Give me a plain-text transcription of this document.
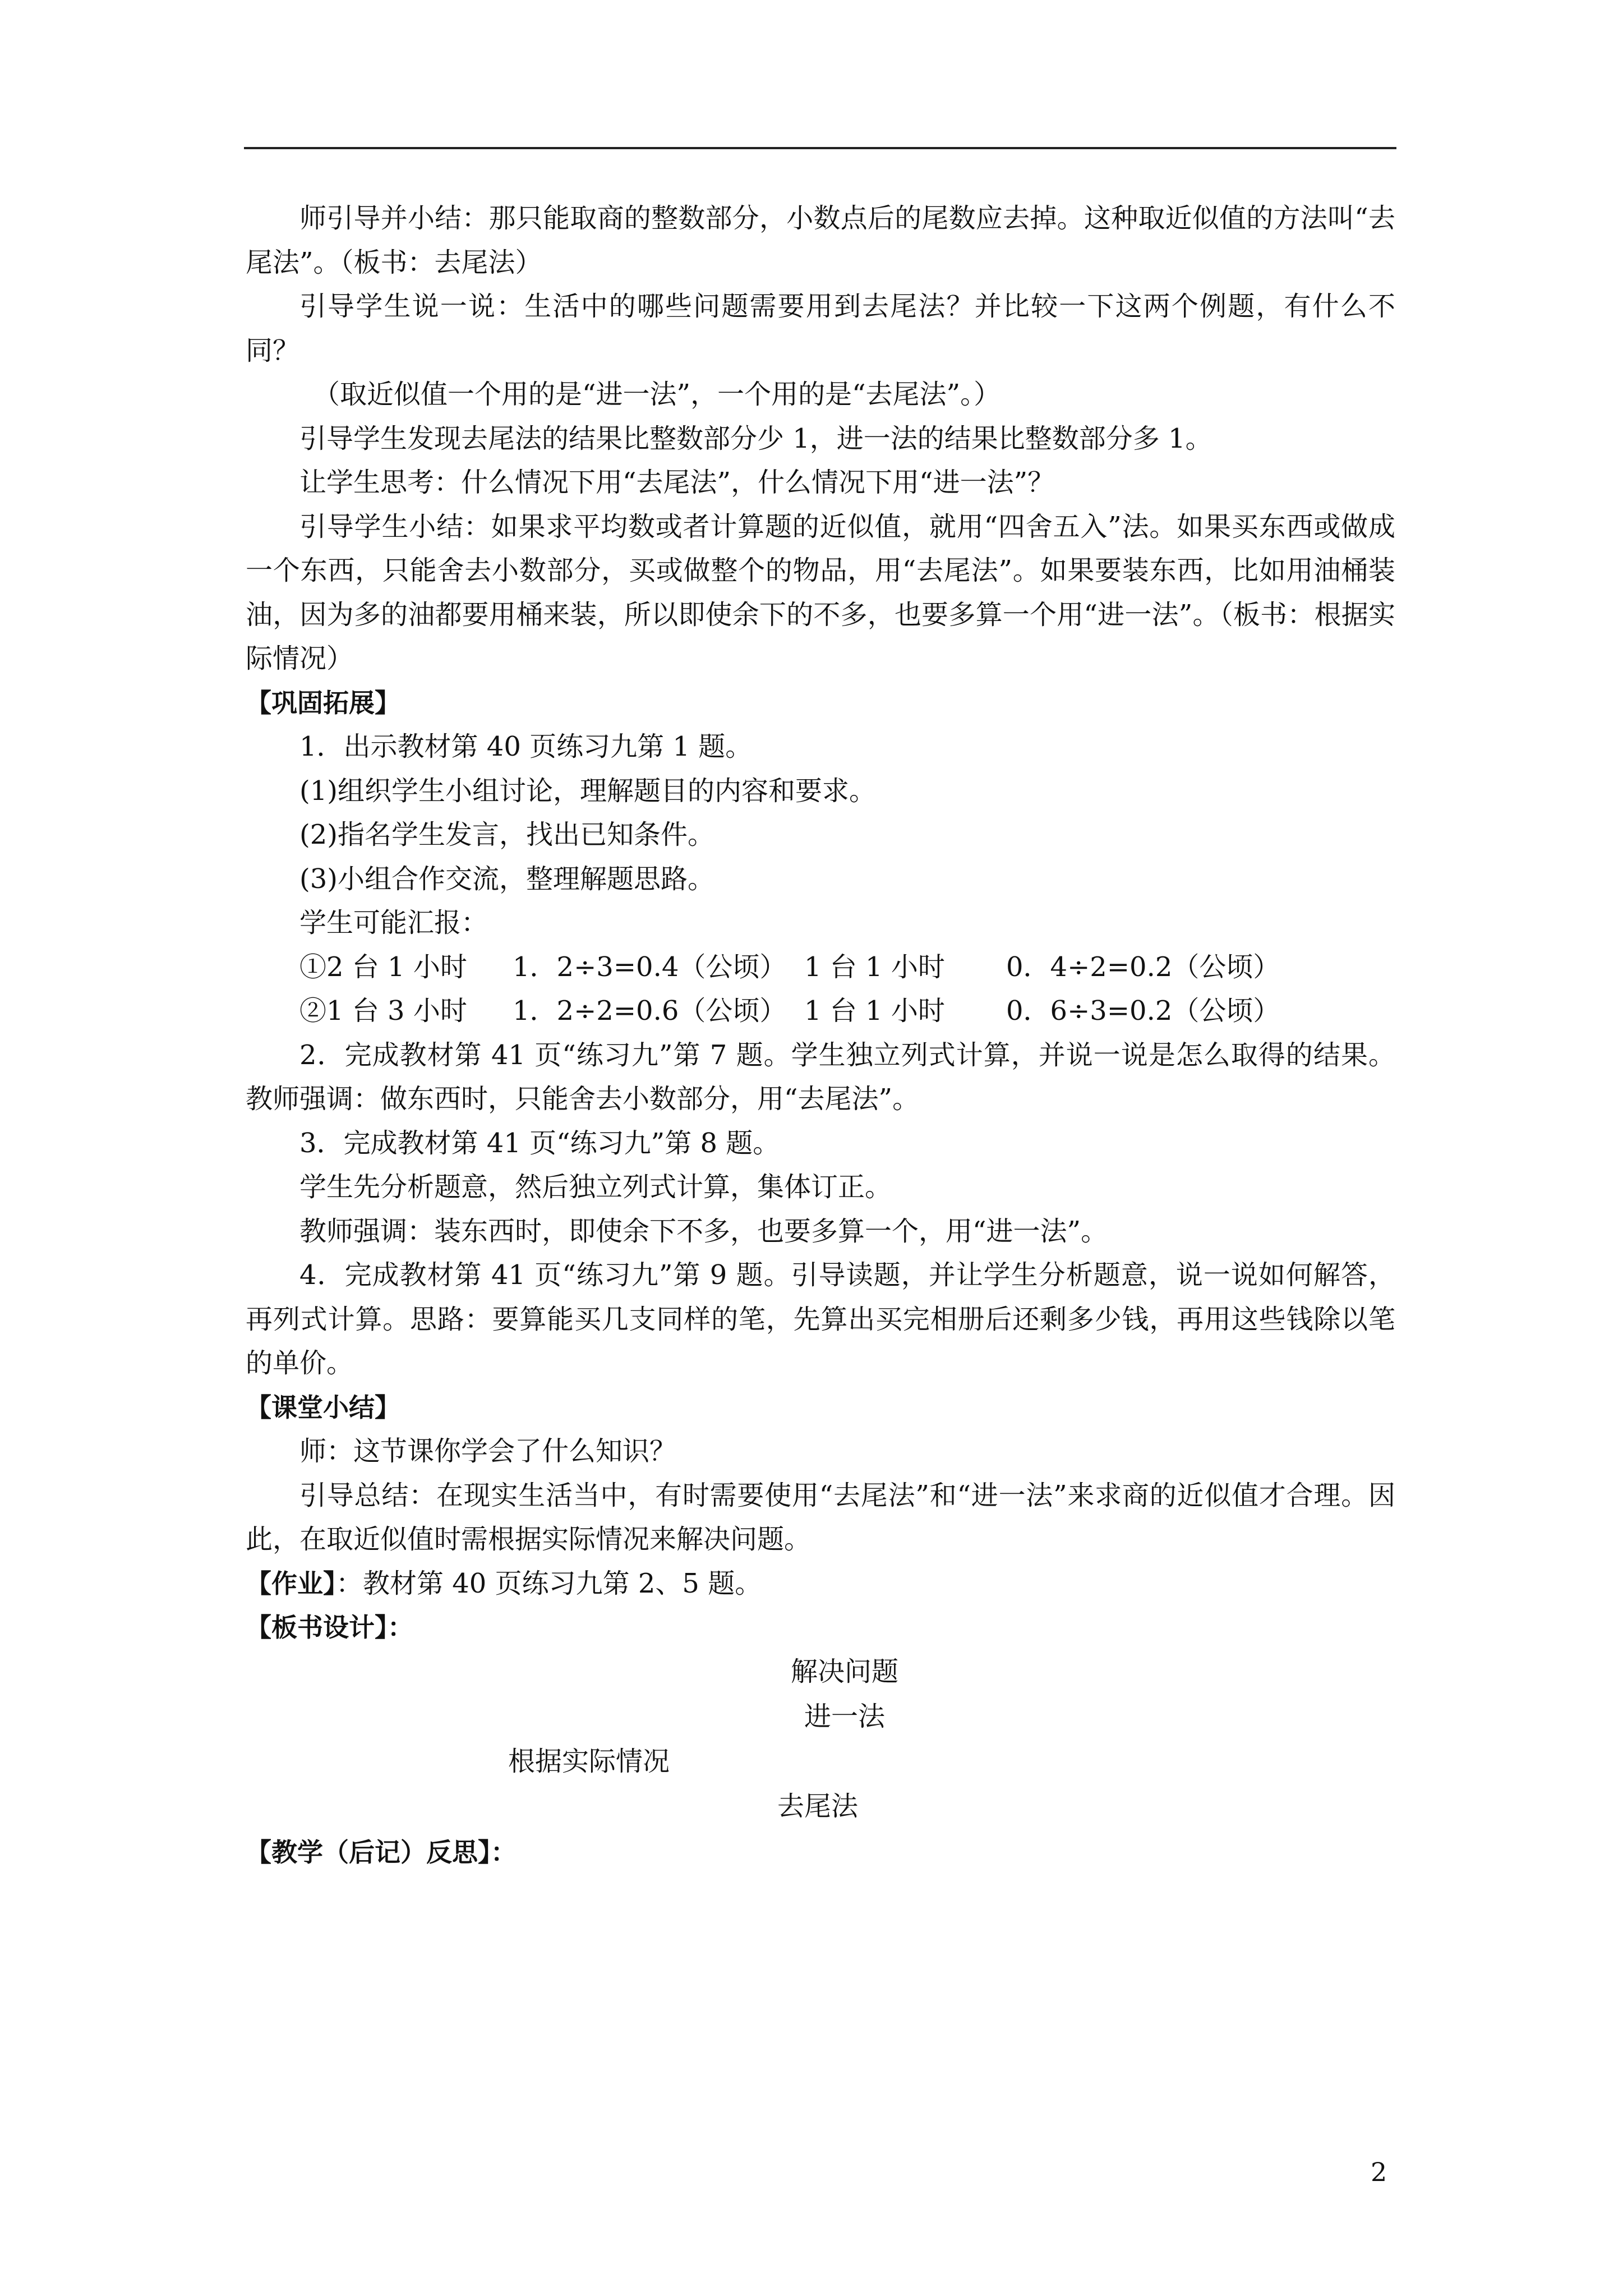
师引导并小结：那只能取商的整数部分，小数点后的尾数应去掉。这种取近似值的方法叫“去尾法”。（板书：去尾法）

引导学生说一说：生活中的哪些问题需要用到去尾法？并比较一下这两个例题，有什么不同？

（取近似值一个用的是“进一法”，一个用的是“去尾法”。）

引导学生发现去尾法的结果比整数部分少 1，进一法的结果比整数部分多 1。

让学生思考：什么情况下用“去尾法”，什么情况下用“进一法”？

引导学生小结：如果求平均数或者计算题的近似值，就用“四舍五入”法。如果买东西或做成一个东西，只能舍去小数部分，买或做整个的物品，用“去尾法”。如果要装东西，比如用油桶装油，因为多的油都要用桶来装，所以即使余下的不多，也要多算一个用“进一法”。（板书：根据实际情况）

【巩固拓展】

1．出示教材第 40 页练习九第 1 题。

(1)组织学生小组讨论，理解题目的内容和要求。

(2)指名学生发言，找出已知条件。

(3)小组合作交流，整理解题思路。

学生可能汇报：

①2 台 1 小时	1．2÷3=0.4（公顷） 1 台 1 小时	0．4÷2=0.2（公顷）
②1 台 3 小时	1．2÷2=0.6（公顷） 1 台 1 小时	0．6÷3=0.2（公顷）

2．完成教材第 41 页“练习九”第 7 题。学生独立列式计算，并说一说是怎么取得的结果。教师强调：做东西时，只能舍去小数部分，用“去尾法”。

3．完成教材第 41 页“练习九”第 8 题。

学生先分析题意，然后独立列式计算，集体订正。

教师强调：装东西时，即使余下不多，也要多算一个，用“进一法”。

4．完成教材第 41 页“练习九”第 9 题。引导读题，并让学生分析题意，说一说如何解答，再列式计算。思路：要算能买几支同样的笔，先算出买完相册后还剩多少钱，再用这些钱除以笔的单价。

【课堂小结】

师：这节课你学会了什么知识？

引导总结：在现实生活当中，有时需要使用“去尾法”和“进一法”来求商的近似值才合理。因此，在取近似值时需根据实际情况来解决问题。

【作业】：教材第 40 页练习九第 2、5 题。

【板书设计】：

解决问题
进一法
根据实际情况
去尾法

【教学（后记）反思】：

2
